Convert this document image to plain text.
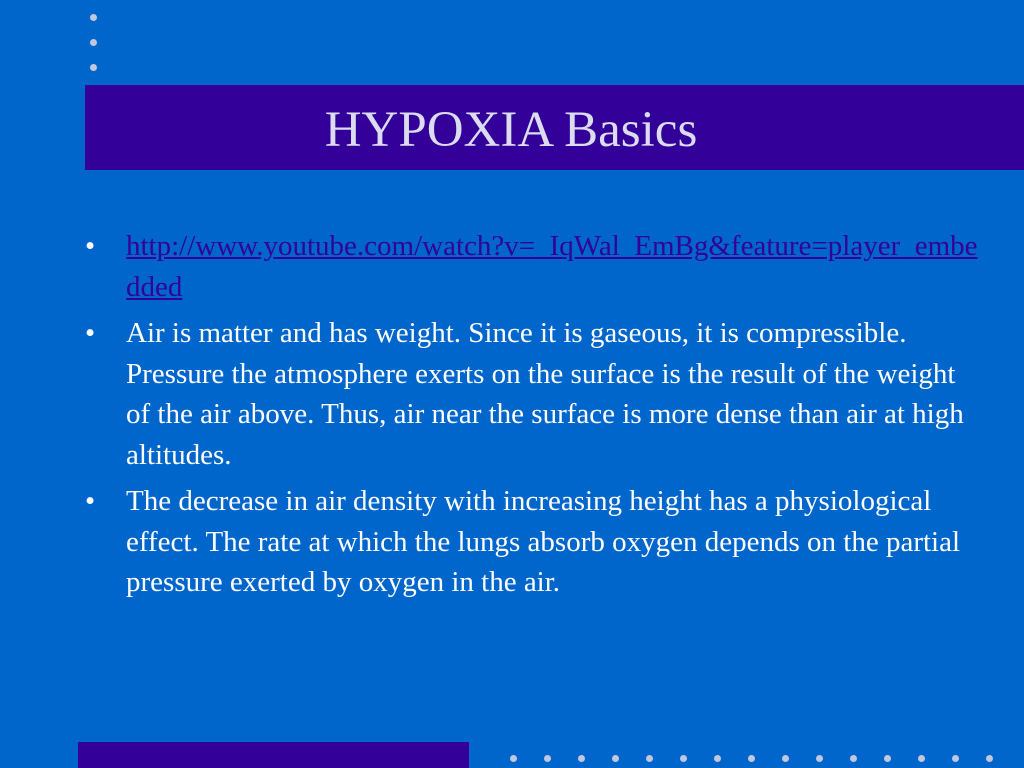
HYPOXIA Basics
• http://www.youtube.com/watch?v=_IqWal_EmBg&feature=player_embedded
• Air is matter and has weight. Since it is gaseous, it is compressible. Pressure the atmosphere exerts on the surface is the result of the weight of the air above. Thus, air near the surface is more dense than air at high altitudes.
• The decrease in air density with increasing height has a physiological effect. The rate at which the lungs absorb oxygen depends on the partial pressure exerted by oxygen in the air.
